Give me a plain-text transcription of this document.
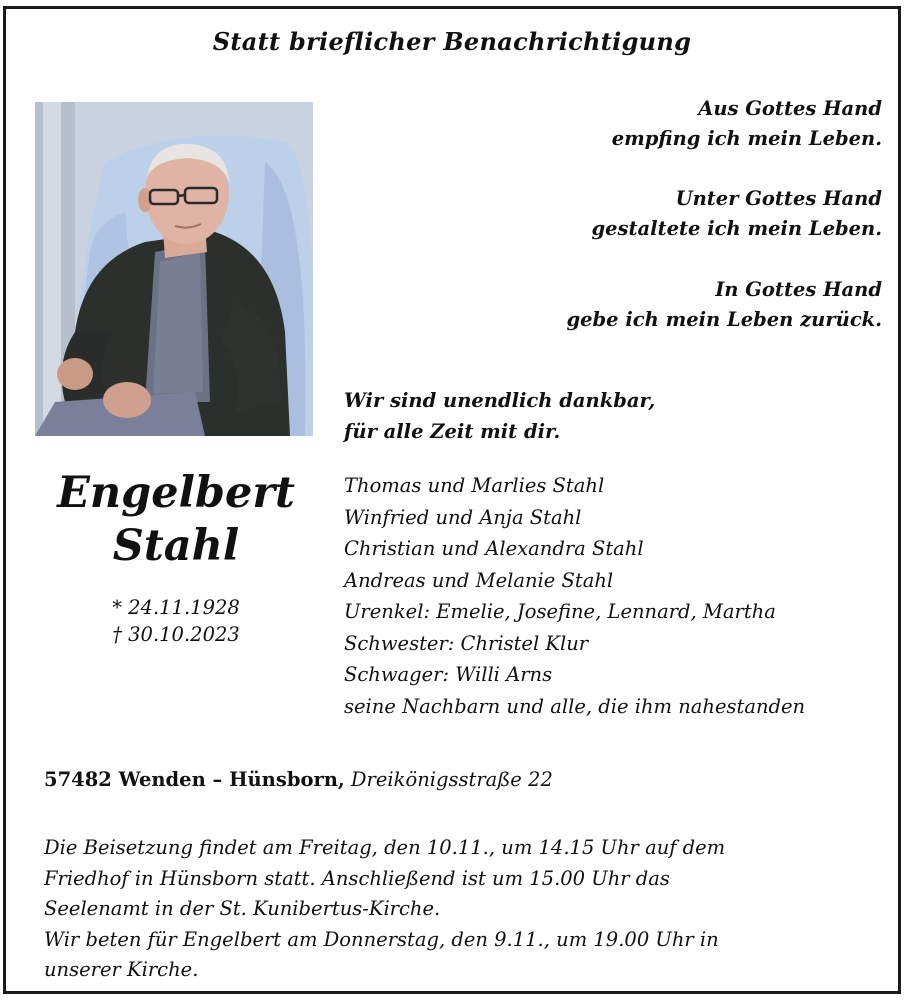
Statt brieflicher Benachrichtigung
Aus Gottes Hand
empfing ich mein Leben.
Unter Gottes Hand
gestaltete ich mein Leben.
In Gottes Hand
gebe ich mein Leben zurück.
Wir sind unendlich dankbar,
für alle Zeit mit dir.
Engelbert
Stahl
* 24.11.1928
† 30.10.2023
Thomas und Marlies Stahl
Winfried und Anja Stahl
Christian und Alexandra Stahl
Andreas und Melanie Stahl
Urenkel: Emelie, Josefine, Lennard, Martha
Schwester: Christel Klur
Schwager: Willi Arns
seine Nachbarn und alle, die ihm nahestanden
57482 Wenden – Hünsborn, Dreikönigsstraße 22
Die Beisetzung findet am Freitag, den 10.11., um 14.15 Uhr auf dem
Friedhof in Hünsborn statt. Anschließend ist um 15.00 Uhr das
Seelenamt in der St. Kunibertus-Kirche.
Wir beten für Engelbert am Donnerstag, den 9.11., um 19.00 Uhr in
unserer Kirche.
